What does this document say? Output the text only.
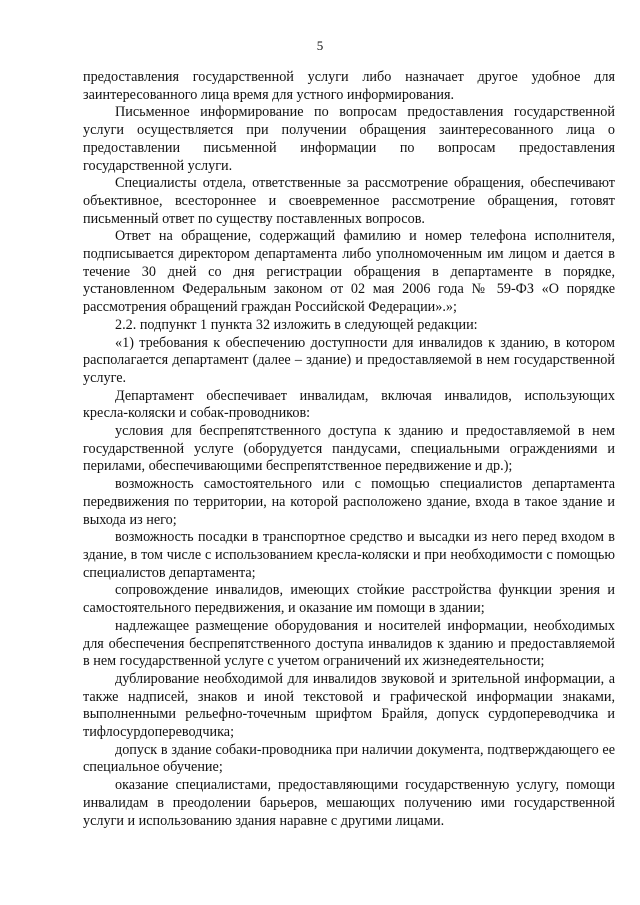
5

предоставления государственной услуги либо назначает другое удобное для заинтересованного лица время для устного информирования.

Письменное информирование по вопросам предоставления государственной услуги осуществляется при получении обращения заинтересованного лица о предоставлении письменной информации по вопросам предоставления государственной услуги.

Специалисты отдела, ответственные за рассмотрение обращения, обеспечивают объективное, всестороннее и своевременное рассмотрение обращения, готовят письменный ответ по существу поставленных вопросов.

Ответ на обращение, содержащий фамилию и номер телефона исполнителя, подписывается директором департамента либо уполномоченным им лицом и дается в течение 30 дней со дня регистрации обращения в департаменте в порядке, установленном Федеральным законом от 02 мая 2006 года № 59-ФЗ «О порядке рассмотрения обращений граждан Российской Федерации».»;

2.2. подпункт 1 пункта 32 изложить в следующей редакции:

«1) требования к обеспечению доступности для инвалидов к зданию, в котором располагается департамент (далее – здание) и предоставляемой в нем государственной услуге.

Департамент обеспечивает инвалидам, включая инвалидов, использующих кресла-коляски и собак-проводников:

условия для беспрепятственного доступа к зданию и предоставляемой в нем государственной услуге (оборудуется пандусами, специальными ограждениями и перилами, обеспечивающими беспрепятственное передвижение и др.);

возможность самостоятельного или с помощью специалистов департамента передвижения по территории, на которой расположено здание, входа в такое здание и выхода из него;

возможность посадки в транспортное средство и высадки из него перед входом в здание, в том числе с использованием кресла-коляски и при необходимости с помощью специалистов департамента;

сопровождение инвалидов, имеющих стойкие расстройства функции зрения и самостоятельного передвижения, и оказание им помощи в здании;

надлежащее размещение оборудования и носителей информации, необходимых для обеспечения беспрепятственного доступа инвалидов к зданию и предоставляемой в нем государственной услуге с учетом ограничений их жизнедеятельности;

дублирование необходимой для инвалидов звуковой и зрительной информации, а также надписей, знаков и иной текстовой и графической информации знаками, выполненными рельефно-точечным шрифтом Брайля, допуск сурдопереводчика и тифлосурдопереводчика;

допуск в здание собаки-проводника при наличии документа, подтверждающего ее специальное обучение;

оказание специалистами, предоставляющими государственную услугу, помощи инвалидам в преодолении барьеров, мешающих получению ими государственной услуги и использованию здания наравне с другими лицами.
